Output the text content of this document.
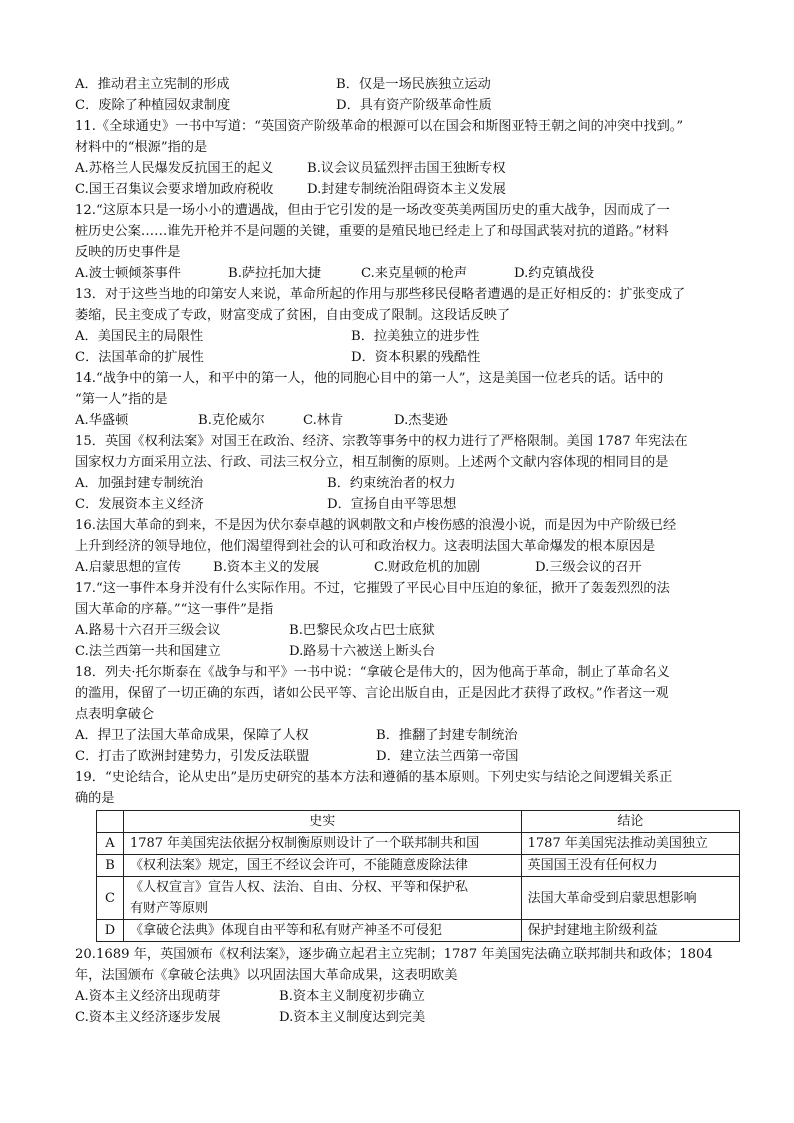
A．推动君主立宪制的形成	B．仅是一场民族独立运动
C．废除了种植园奴隶制度	D．具有资产阶级革命性质
11.《全球通史》一书中写道：“英国资产阶级革命的根源可以在国会和斯图亚特王朝之间的冲突中找到。”
材料中的“根源”指的是
A.苏格兰人民爆发反抗国王的起义	B.议会议员猛烈抨击国王独断专权
C.国王召集议会要求增加政府税收	D.封建专制统治阻碍资本主义发展
12.“这原本只是一场小小的遭遇战，但由于它引发的是一场改变英美两国历史的重大战争，因而成了一
桩历史公案……谁先开枪并不是问题的关键，重要的是殖民地已经走上了和母国武装对抗的道路。”材料
反映的历史事件是
A.波士顿倾茶事件	B.萨拉托加大捷	C.来克星顿的枪声	D.约克镇战役
13．对于这些当地的印第安人来说，革命所起的作用与那些移民侵略者遭遇的是正好相反的：扩张变成了
萎缩，民主变成了专政，财富变成了贫困，自由变成了限制。这段话反映了
A．美国民主的局限性	B．拉美独立的进步性
C．法国革命的扩展性	D．资本积累的残酷性
14.“战争中的第一人，和平中的第一人，他的同胞心目中的第一人”，这是美国一位老兵的话。话中的
“第一人”指的是
A.华盛顿	B.克伦威尔	C.林肯	D.杰斐逊
15．英国《权利法案》对国王在政治、经济、宗教等事务中的权力进行了严格限制。美国 1787 年宪法在
国家权力方面采用立法、行政、司法三权分立，相互制衡的原则。上述两个文献内容体现的相同目的是
A．加强封建专制统治	B．约束统治者的权力
C．发展资本主义经济	D．宣扬自由平等思想
16.法国大革命的到来，不是因为伏尔泰卓越的讽刺散文和卢梭伤感的浪漫小说，而是因为中产阶级已经
上升到经济的领导地位，他们渴望得到社会的认可和政治权力。这表明法国大革命爆发的根本原因是
A.启蒙思想的宣传	B.资本主义的发展	C.财政危机的加剧	D.三级会议的召开
17.“这一事件本身并没有什么实际作用。不过，它摧毁了平民心目中压迫的象征，掀开了轰轰烈烈的法
国大革命的序幕。”“这一事件”是指
A.路易十六召开三级会议	B.巴黎民众攻占巴士底狱
C.法兰西第一共和国建立	D.路易十六被送上断头台
18．列夫·托尔斯泰在《战争与和平》一书中说：“拿破仑是伟大的，因为他高于革命，制止了革命名义
的滥用，保留了一切正确的东西，诸如公民平等、言论出版自由，正是因此才获得了政权。”作者这一观
点表明拿破仑
A．捍卫了法国大革命成果，保障了人权	B．推翻了封建专制统治
C．打击了欧洲封建势力，引发反法联盟	D．建立法兰西第一帝国
19．“史论结合，论从史出”是历史研究的基本方法和遵循的基本原则。下列史实与结论之间逻辑关系正
确的是
	史实	结论
A	1787 年美国宪法依据分权制衡原则设计了一个联邦制共和国	1787 年美国宪法推动美国独立
B	《权利法案》规定，国王不经议会许可，不能随意废除法律	英国国王没有任何权力
C	《人权宣言》宣告人权、法治、自由、分权、平等和保护私
有财产等原则	法国大革命受到启蒙思想影响
D	《拿破仑法典》体现自由平等和私有财产神圣不可侵犯	保护封建地主阶级利益
20.1689 年，英国颁布《权利法案》，逐步确立起君主立宪制；1787 年美国宪法确立联邦制共和政体；1804
年，法国颁布《拿破仑法典》以巩固法国大革命成果，这表明欧美
A.资本主义经济出现萌芽	B.资本主义制度初步确立
C.资本主义经济逐步发展	D.资本主义制度达到完美
